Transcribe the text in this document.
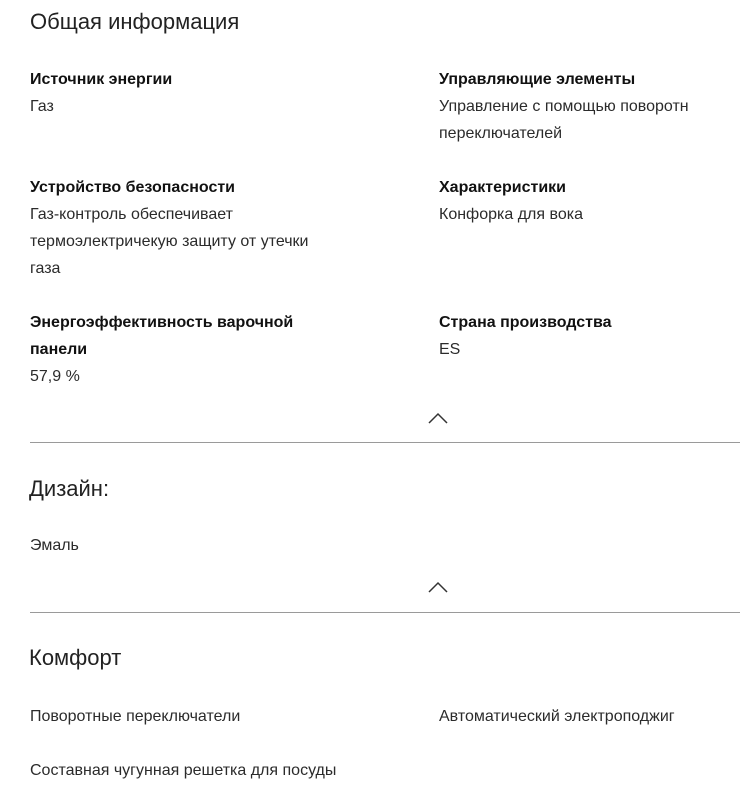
Общая информация
Источник энергии
Газ
Управляющие элементы
Управление с помощью поворотн
переключателей
Устройство безопасности
Газ-контроль обеспечивает
термоэлектричекую защиту от утечки
газа
Характеристики
Конфорка для вока
Энергоэффективность варочной
панели
57,9 %
Страна производства
ES
Дизайн:
Эмаль
Комфорт
Поворотные переключатели	Автоматический электроподжиг
Составная чугунная решетка для посуды
